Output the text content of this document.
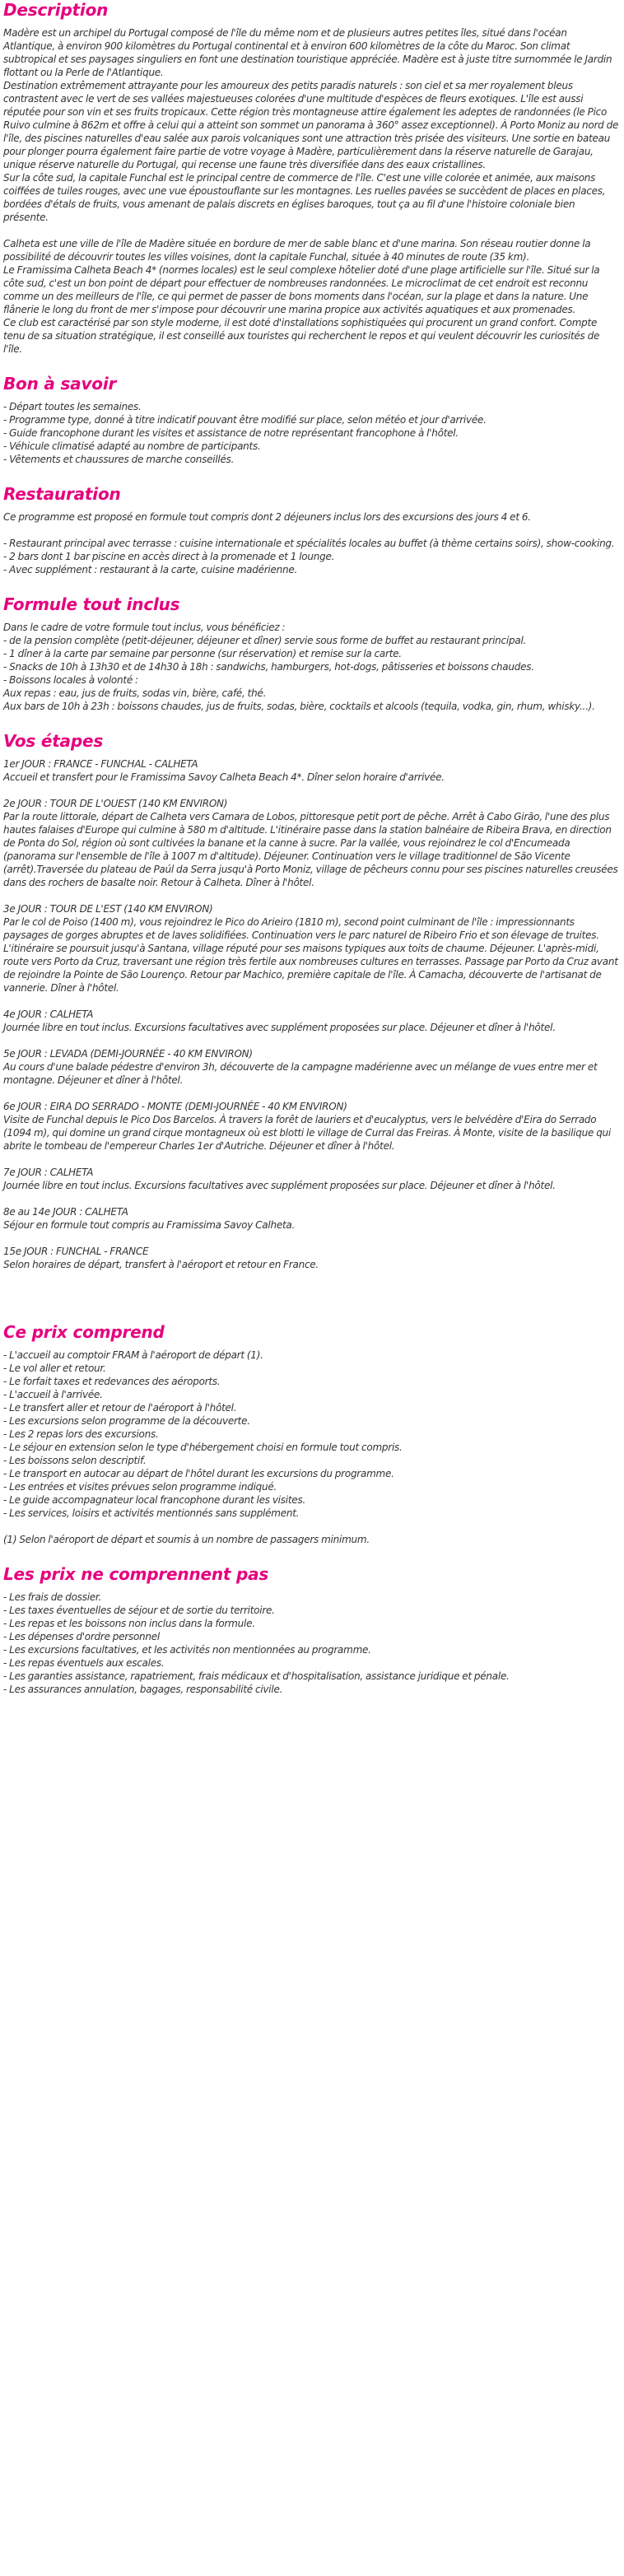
Description

Madère est un archipel du Portugal composé de l'île du même nom et de plusieurs autres petites îles, situé dans l'océan Atlantique, à environ 900 kilomètres du Portugal continental et à environ 600 kilomètres de la côte du Maroc. Son climat subtropical et ses paysages singuliers en font une destination touristique appréciée. Madère est à juste titre surnommée le Jardin flottant ou la Perle de l'Atlantique.

Destination extrêmement attrayante pour les amoureux des petits paradis naturels : son ciel et sa mer royalement bleus contrastent avec le vert de ses vallées majestueuses colorées d'une multitude d'espèces de fleurs exotiques. L'île est aussi réputée pour son vin et ses fruits tropicaux. Cette région très montagneuse attire également les adeptes de randonnées (le Pico Ruivo culmine à 862m et offre à celui qui a atteint son sommet un panorama à 360° assez exceptionnel). À Porto Moniz au nord de l'île, des piscines naturelles d'eau salée aux parois volcaniques sont une attraction très prisée des visiteurs. Une sortie en bateau pour plonger pourra également faire partie de votre voyage à Madère, particulièrement dans la réserve naturelle de Garajau, unique réserve naturelle du Portugal, qui recense une faune très diversifiée dans des eaux cristallines.

Sur la côte sud, la capitale Funchal est le principal centre de commerce de l'île. C'est une ville colorée et animée, aux maisons coiffées de tuiles rouges, avec une vue époustouflante sur les montagnes. Les ruelles pavées se succèdent de places en places, bordées d'étals de fruits, vous amenant de palais discrets en églises baroques, tout ça au fil d'une l'histoire coloniale bien présente.

Calheta est une ville de l'île de Madère située en bordure de mer de sable blanc et d'une marina. Son réseau routier donne la possibilité de découvrir toutes les villes voisines, dont la capitale Funchal, située à 40 minutes de route (35 km).

Le Framissima Calheta Beach 4* (normes locales) est le seul complexe hôtelier doté d'une plage artificielle sur l'île. Situé sur la côte sud, c'est un bon point de départ pour effectuer de nombreuses randonnées. Le microclimat de cet endroit est reconnu comme un des meilleurs de l'île, ce qui permet de passer de bons moments dans l'océan, sur la plage et dans la nature. Une flânerie le long du front de mer s'impose pour découvrir une marina propice aux activités aquatiques et aux promenades.

Ce club est caractérisé par son style moderne, il est doté d'installations sophistiquées qui procurent un grand confort. Compte tenu de sa situation stratégique, il est conseillé aux touristes qui recherchent le repos et qui veulent découvrir les curiosités de l'île.

Bon à savoir

- Départ toutes les semaines.

- Programme type, donné à titre indicatif pouvant être modifié sur place, selon météo et jour d'arrivée.

- Guide francophone durant les visites et assistance de notre représentant francophone à l'hôtel.

- Véhicule climatisé adapté au nombre de participants.

- Vêtements et chaussures de marche conseillés.

Restauration

Ce programme est proposé en formule tout compris dont 2 déjeuners inclus lors des excursions des jours 4 et 6.

- Restaurant principal avec terrasse : cuisine internationale et spécialités locales au buffet (à thème certains soirs), show-cooking.

- 2 bars dont 1 bar piscine en accès direct à la promenade et 1 lounge.

- Avec supplément : restaurant à la carte, cuisine madérienne.

Formule tout inclus

Dans le cadre de votre formule tout inclus, vous bénéficiez :

- de la pension complète (petit-déjeuner, déjeuner et dîner) servie sous forme de buffet au restaurant principal.

- 1 dîner à la carte par semaine par personne (sur réservation) et remise sur la carte.

- Snacks de 10h à 13h30 et de 14h30 à 18h : sandwichs, hamburgers, hot-dogs, pâtisseries et boissons chaudes.

- Boissons locales à volonté :

Aux repas : eau, jus de fruits, sodas vin, bière, café, thé.

Aux bars de 10h à 23h : boissons chaudes, jus de fruits, sodas, bière, cocktails et alcools (tequila, vodka, gin, rhum, whisky...).

Vos étapes

1er JOUR : FRANCE - FUNCHAL - CALHETA

Accueil et transfert pour le Framissima Savoy Calheta Beach 4*. Dîner selon horaire d'arrivée.

2e JOUR : TOUR DE L'OUEST (140 KM ENVIRON)

Par la route littorale, départ de Calheta vers Camara de Lobos, pittoresque petit port de pêche. Arrêt à Cabo Girão, l'une des plus hautes falaises d'Europe qui culmine à 580 m d'altitude. L'itinéraire passe dans la station balnéaire de Ribeira Brava, en direction de Ponta do Sol, région où sont cultivées la banane et la canne à sucre. Par la vallée, vous rejoindrez le col d'Encumeada (panorama sur l'ensemble de l'île à 1007 m d'altitude). Déjeuner. Continuation vers le village traditionnel de São Vicente (arrêt).Traversée du plateau de Paúl da Serra jusqu'à Porto Moniz, village de pêcheurs connu pour ses piscines naturelles creusées dans des rochers de basalte noir. Retour à Calheta. Dîner à l'hôtel.

3e JOUR : TOUR DE L'EST (140 KM ENVIRON)

Par le col de Poiso (1400 m), vous rejoindrez le Pico do Arieiro (1810 m), second point culminant de l'île : impressionnants paysages de gorges abruptes et de laves solidifiées. Continuation vers le parc naturel de Ribeiro Frio et son élevage de truites. L'itinéraire se poursuit jusqu'à Santana, village réputé pour ses maisons typiques aux toits de chaume. Déjeuner. L'après-midi, route vers Porto da Cruz, traversant une région très fertile aux nombreuses cultures en terrasses. Passage par Porto da Cruz avant de rejoindre la Pointe de São Lourenço. Retour par Machico, première capitale de l'île. À Camacha, découverte de l'artisanat de vannerie. Dîner à l'hôtel.

4e JOUR : CALHETA

Journée libre en tout inclus. Excursions facultatives avec supplément proposées sur place. Déjeuner et dîner à l'hôtel.

5e JOUR : LEVADA (DEMI-JOURNÉE - 40 KM ENVIRON)

Au cours d'une balade pédestre d'environ 3h, découverte de la campagne madérienne avec un mélange de vues entre mer et montagne. Déjeuner et dîner à l'hôtel.

6e JOUR : EIRA DO SERRADO - MONTE (DEMI-JOURNÉE - 40 KM ENVIRON)

Visite de Funchal depuis le Pico Dos Barcelos. À travers la forêt de lauriers et d'eucalyptus, vers le belvédère d'Eira do Serrado (1094 m), qui domine un grand cirque montagneux où est blotti le village de Curral das Freiras. À Monte, visite de la basilique qui abrite le tombeau de l'empereur Charles 1er d'Autriche. Déjeuner et dîner à l'hôtel.

7e JOUR : CALHETA

Journée libre en tout inclus. Excursions facultatives avec supplément proposées sur place. Déjeuner et dîner à l'hôtel.

8e au 14e JOUR : CALHETA

Séjour en formule tout compris au Framissima Savoy Calheta.

15e JOUR : FUNCHAL - FRANCE

Selon horaires de départ, transfert à l'aéroport et retour en France.

Ce prix comprend

- L'accueil au comptoir FRAM à l'aéroport de départ (1).

- Le vol aller et retour.

- Le forfait taxes et redevances des aéroports.

- L'accueil à l'arrivée.

- Le transfert aller et retour de l'aéroport à l'hôtel.

- Les excursions selon programme de la découverte.

- Les 2 repas lors des excursions.

- Le séjour en extension selon le type d'hébergement choisi en formule tout compris.

- Les boissons selon descriptif.

- Le transport en autocar au départ de l'hôtel durant les excursions du programme.

- Les entrées et visites prévues selon programme indiqué.

- Le guide accompagnateur local francophone durant les visites.

- Les services, loisirs et activités mentionnés sans supplément.

(1) Selon l'aéroport de départ et soumis à un nombre de passagers minimum.

Les prix ne comprennent pas

- Les frais de dossier.

- Les taxes éventuelles de séjour et de sortie du territoire.

- Les repas et les boissons non inclus dans la formule.

- Les dépenses d'ordre personnel

- Les excursions facultatives, et les activités non mentionnées au programme.

- Les repas éventuels aux escales.

- Les garanties assistance, rapatriement, frais médicaux et d'hospitalisation, assistance juridique et pénale.

- Les assurances annulation, bagages, responsabilité civile.
